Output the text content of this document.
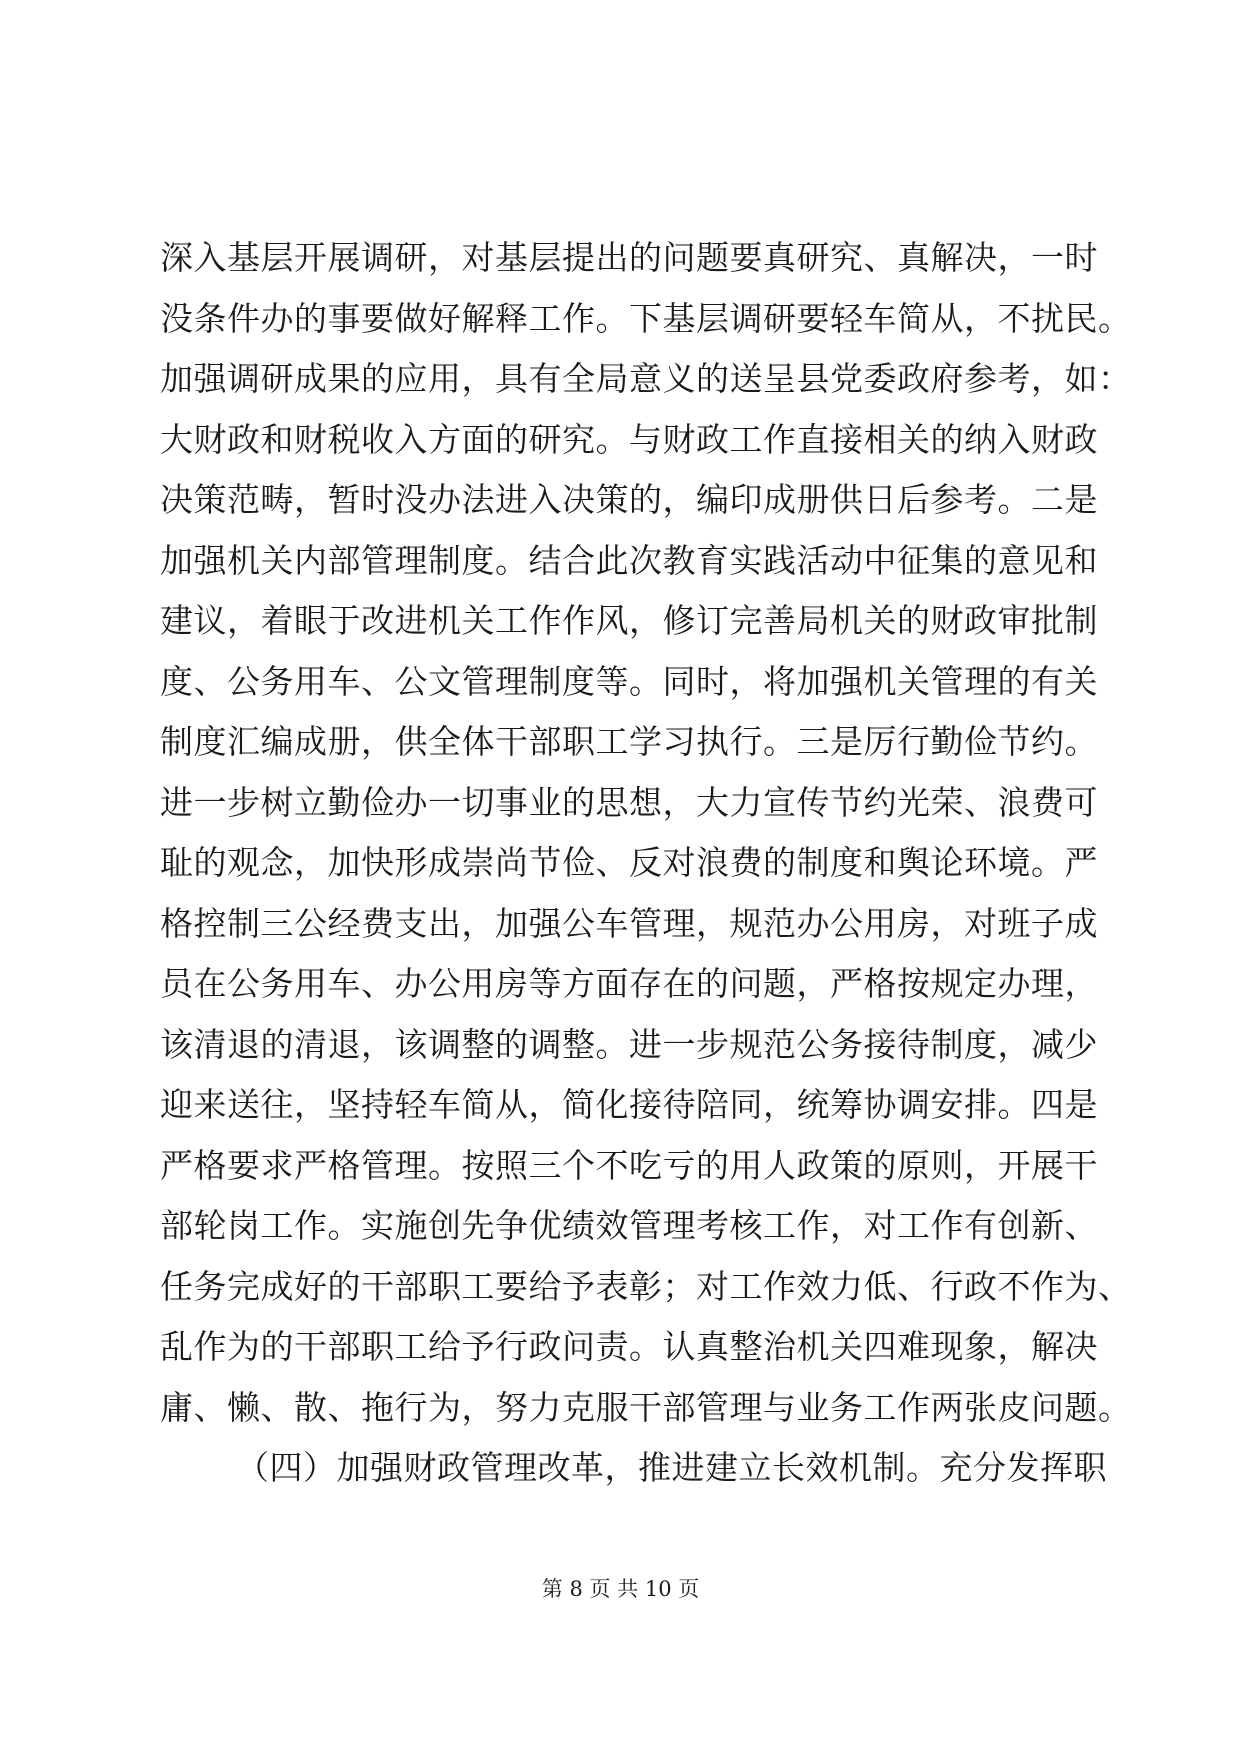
深入基层开展调研，对基层提出的问题要真研究、真解决，一时
没条件办的事要做好解释工作。下基层调研要轻车简从，不扰民。
加强调研成果的应用，具有全局意义的送呈县党委政府参考，如：
大财政和财税收入方面的研究。与财政工作直接相关的纳入财政
决策范畴，暂时没办法进入决策的，编印成册供日后参考。二是
加强机关内部管理制度。结合此次教育实践活动中征集的意见和
建议，着眼于改进机关工作作风，修订完善局机关的财政审批制
度、公务用车、公文管理制度等。同时，将加强机关管理的有关
制度汇编成册，供全体干部职工学习执行。三是厉行勤俭节约。
进一步树立勤俭办一切事业的思想，大力宣传节约光荣、浪费可
耻的观念，加快形成崇尚节俭、反对浪费的制度和舆论环境。严
格控制三公经费支出，加强公车管理，规范办公用房，对班子成
员在公务用车、办公用房等方面存在的问题，严格按规定办理，
该清退的清退，该调整的调整。进一步规范公务接待制度，减少
迎来送往，坚持轻车简从，简化接待陪同，统筹协调安排。四是
严格要求严格管理。按照三个不吃亏的用人政策的原则，开展干
部轮岗工作。实施创先争优绩效管理考核工作，对工作有创新、
任务完成好的干部职工要给予表彰；对工作效力低、行政不作为、
乱作为的干部职工给予行政问责。认真整治机关四难现象，解决
庸、懒、散、拖行为，努力克服干部管理与业务工作两张皮问题。
（四）加强财政管理改革，推进建立长效机制。充分发挥职
第 8 页 共 10 页
